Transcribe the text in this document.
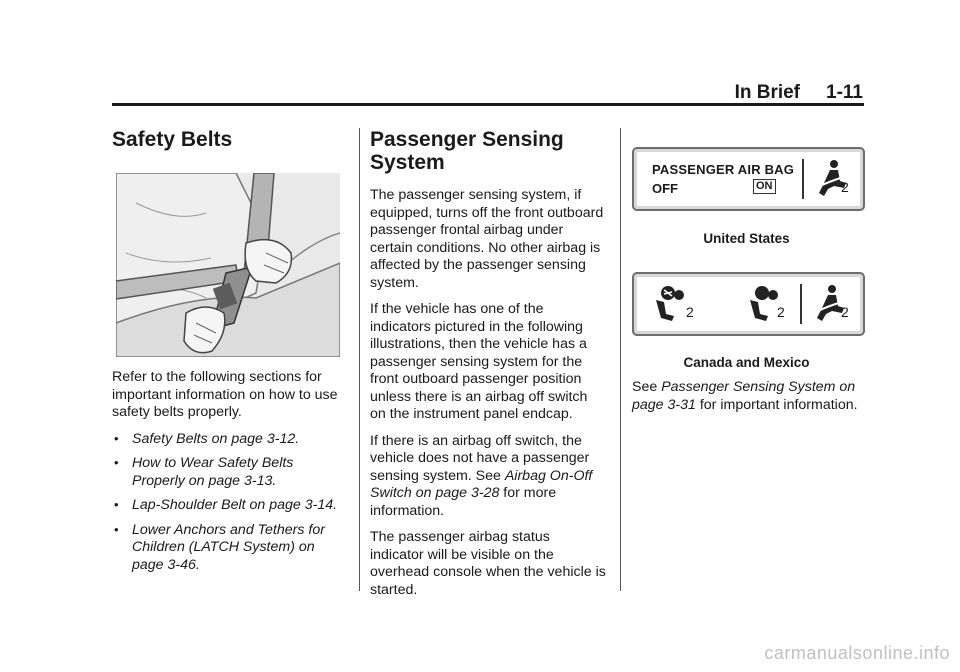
In Brief 1-11
Safety Belts

Refer to the following sections for important information on how to use safety belts properly.

• Safety Belts on page 3-12.
• How to Wear Safety Belts Properly on page 3-13.
• Lap-Shoulder Belt on page 3-14.
• Lower Anchors and Tethers for Children (LATCH System) on page 3-46.
Passenger Sensing
System

The passenger sensing system, if equipped, turns off the front outboard passenger frontal airbag under certain conditions. No other airbag is affected by the passenger sensing system.

If the vehicle has one of the indicators pictured in the following illustrations, then the vehicle has a passenger sensing system for the front outboard passenger position unless there is an airbag off switch on the instrument panel endcap.

If there is an airbag off switch, the vehicle does not have a passenger sensing system. See Airbag On-Off Switch on page 3-28 for more information.

The passenger airbag status indicator will be visible on the overhead console when the vehicle is started.

PASSENGER AIR BAG
OFF	ON	2
United States
2	2	2
Canada and Mexico

See Passenger Sensing System on page 3-31 for important information.

carmanualsonline.info
